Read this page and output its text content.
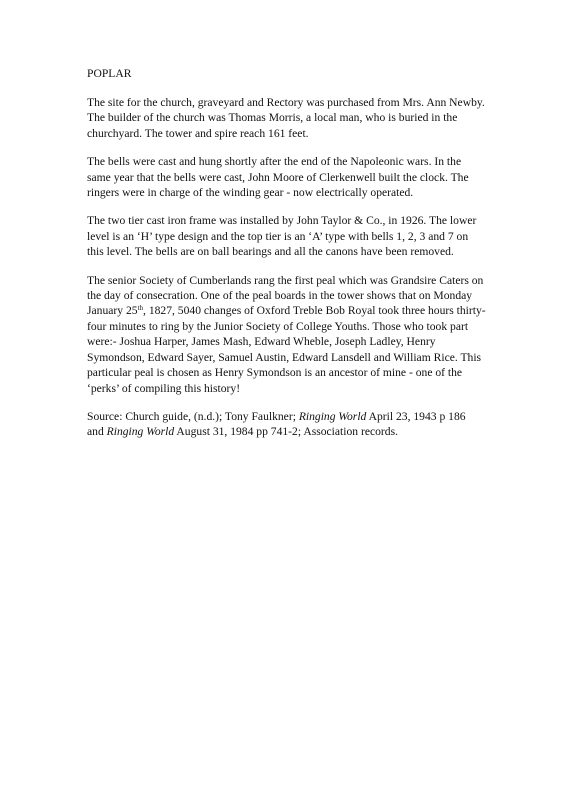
POPLAR
The site for the church, graveyard and Rectory was purchased from Mrs. Ann Newby.
The builder of the church was Thomas Morris, a local man, who is buried in the
churchyard. The tower and spire reach 161 feet.
The bells were cast and hung shortly after the end of the Napoleonic wars. In the
same year that the bells were cast, John Moore of Clerkenwell built the clock. The
ringers were in charge of the winding gear - now electrically operated.
The two tier cast iron frame was installed by John Taylor & Co., in 1926. The lower
level is an ‘H’ type design and the top tier is an ‘A’ type with bells 1, 2, 3 and 7 on
this level. The bells are on ball bearings and all the canons have been removed.
The senior Society of Cumberlands rang the first peal which was Grandsire Caters on
the day of consecration. One of the peal boards in the tower shows that on Monday
January 25th, 1827, 5040 changes of Oxford Treble Bob Royal took three hours thirty-
four minutes to ring by the Junior Society of College Youths. Those who took part
were:- Joshua Harper, James Mash, Edward Wheble, Joseph Ladley, Henry
Symondson, Edward Sayer, Samuel Austin, Edward Lansdell and William Rice. This
particular peal is chosen as Henry Symondson is an ancestor of mine - one of the
‘perks’ of compiling this history!
Source: Church guide, (n.d.); Tony Faulkner; Ringing World April 23, 1943 p 186
and Ringing World August 31, 1984 pp 741-2; Association records.
